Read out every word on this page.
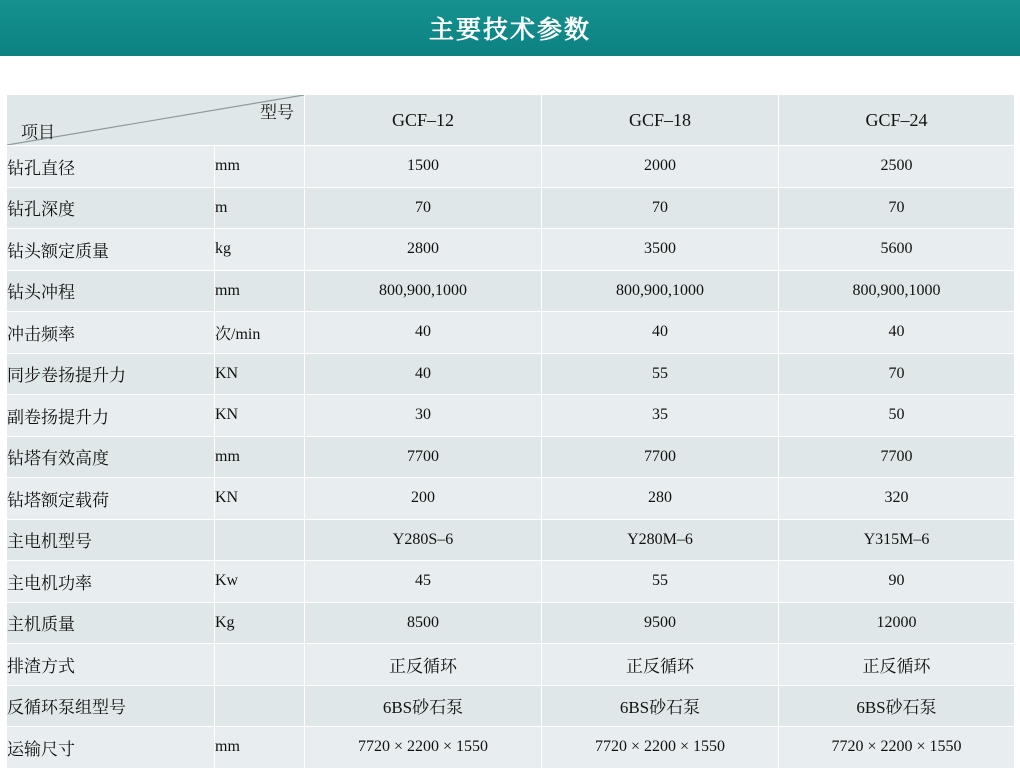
主要技术参数
型号
项目		GCF–12	GCF–18	GCF–24
钻孔直径	mm	1500	2000	2500
钻孔深度	m	70	70	70
钻头额定质量	kg	2800	3500	5600
钻头冲程	mm	800,900,1000	800,900,1000	800,900,1000
冲击频率	次/min	40	40	40
同步卷扬提升力	KN	40	55	70
副卷扬提升力	KN	30	35	50
钻塔有效高度	mm	7700	7700	7700
钻塔额定载荷	KN	200	280	320
主电机型号		Y280S–6	Y280M–6	Y315M–6
主电机功率	Kw	45	55	90
主机质量	Kg	8500	9500	12000
排渣方式		正反循环	正反循环	正反循环
反循环泵组型号		6BS砂石泵	6BS砂石泵	6BS砂石泵
运输尺寸	mm	7720 × 2200 × 1550	7720 × 2200 × 1550	7720 × 2200 × 1550
